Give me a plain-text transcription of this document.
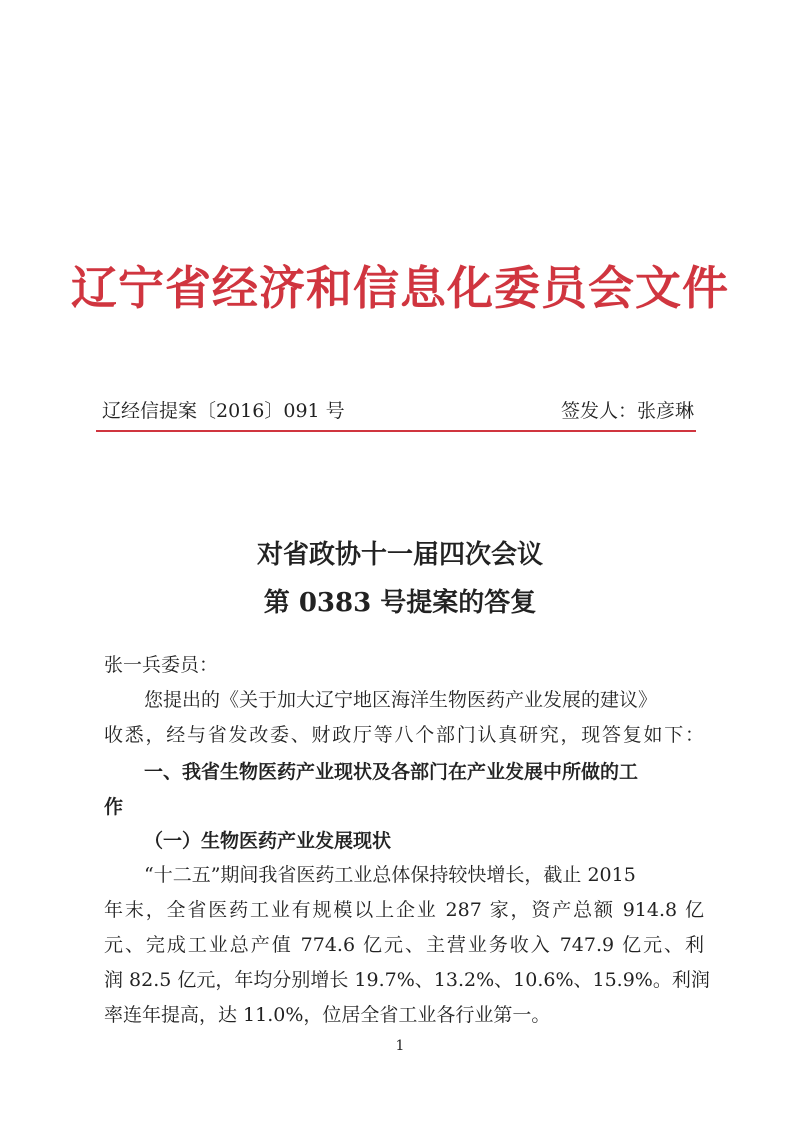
辽宁省经济和信息化委员会文件
辽经信提案〔2016〕091 号	签发人：张彦琳
对省政协十一届四次会议
第 0383 号提案的答复
张一兵委员：
您提出的《关于加大辽宁地区海洋生物医药产业发展的建议》
收悉，经与省发改委、财政厅等八个部门认真研究，现答复如下：
一、我省生物医药产业现状及各部门在产业发展中所做的工
作
（一）生物医药产业发展现状
“十二五”期间我省医药工业总体保持较快增长，截止 2015
年末，全省医药工业有规模以上企业 287 家，资产总额 914.8 亿
元、完成工业总产值 774.6 亿元、主营业务收入 747.9 亿元、利
润 82.5 亿元，年均分别增长 19.7%、13.2%、10.6%、15.9%。利润
率连年提高，达 11.0%，位居全省工业各行业第一。
1
